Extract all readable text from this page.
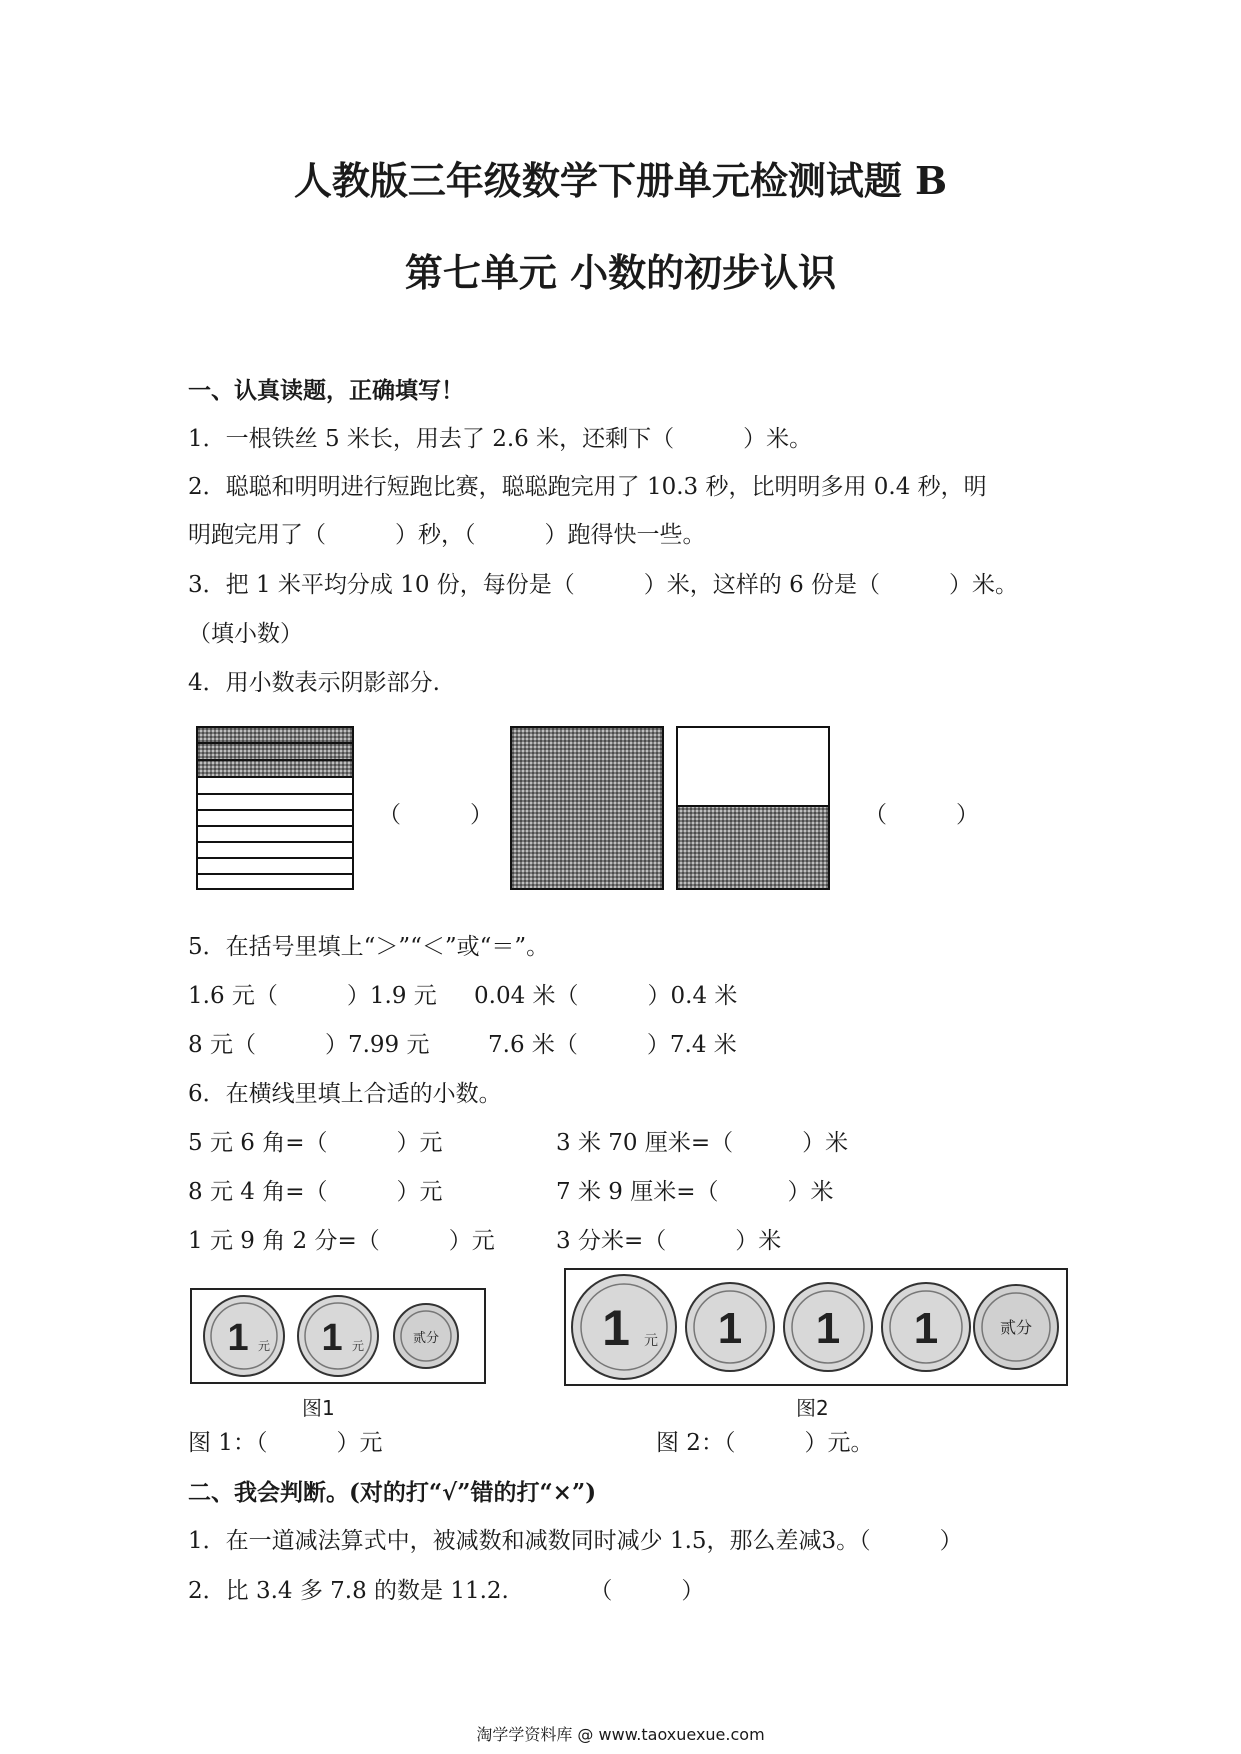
人教版三年级数学下册单元检测试题 B
第七单元 小数的初步认识
一、认真读题，正确填写！
1．一根铁丝 5 米长，用去了 2.6 米，还剩下（　　　）米。
2．聪聪和明明进行短跑比赛，聪聪跑完用了 10.3 秒，比明明多用 0.4 秒，明
明跑完用了（　　　）秒，（　　　）跑得快一些。
3．把 1 米平均分成 10 份，每份是（　　　）米，这样的 6 份是（　　　）米。
（填小数）
4．用小数表示阴影部分.
（　　　）	（　　　）
5．在括号里填上“＞”“＜”或“＝”。
1.6 元（　　　）1.9 元 0.04 米（　　　）0.4 米
8 元（　　　）7.99 元	7.6 米（　　　）7.4 米
6．在横线里填上合适的小数。
5 元 6 角=（　　　）元	3 米 70 厘米=（　　　）米
8 元 4 角=（　　　）元	7 米 9 厘米=（　　　）米
1 元 9 角 2 分=（　　　）元	3 分米=（　　　）米
1 元 1 元	贰分
图1
1 元 1 1 1	贰分
图2
图 1：（　　　）元	图 2：（　　　）元。
二、我会判断。(对的打“√”错的打“×”)
1．在一道减法算式中，被减数和减数同时减少 1.5，那么差减3。（　　　）
2．比 3.4 多 7.8 的数是 11.2.　　　　（　　　）
淘学学资料库 @ www.taoxuexue.com
